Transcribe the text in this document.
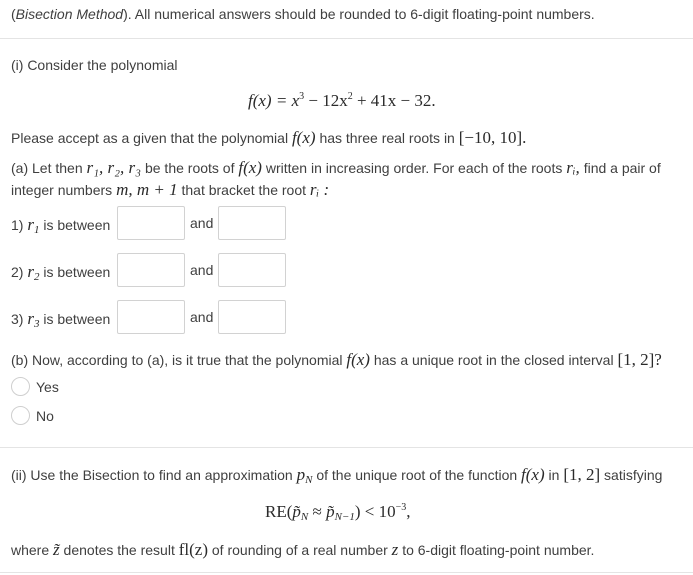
(Bisection Method). All numerical answers should be rounded to 6-digit floating-point numbers.
(i) Consider the polynomial
$f(x) = x^3 - 12x^2 + 41x - 32$.
Please accept as a given that the polynomial f(x) has three real roots in [−10, 10].
(a) Let then r₁, r₂, r₃ be the roots of f(x) written in increasing order. For each of the roots rᵢ, find a pair of
integer numbers m, m + 1 that bracket the root rᵢ :
1) $r_1$ is between	and
2) $r_2$ is between	and
3) $r_3$ is between	and
(b) Now, according to (a), is it true that the polynomial f(x) has a unique root in the closed interval [1, 2]?
Yes
No
(ii) Use the Bisection to find an approximation $p_N$ of the unique root of the function f(x) in [1, 2] satisfying
$RE(p̃_N$ ≈ $p̃_{N-1}) < 10^{-3}$,
where z̃ denotes the result fl(z) of rounding of a real number z to 6-digit floating-point number.
